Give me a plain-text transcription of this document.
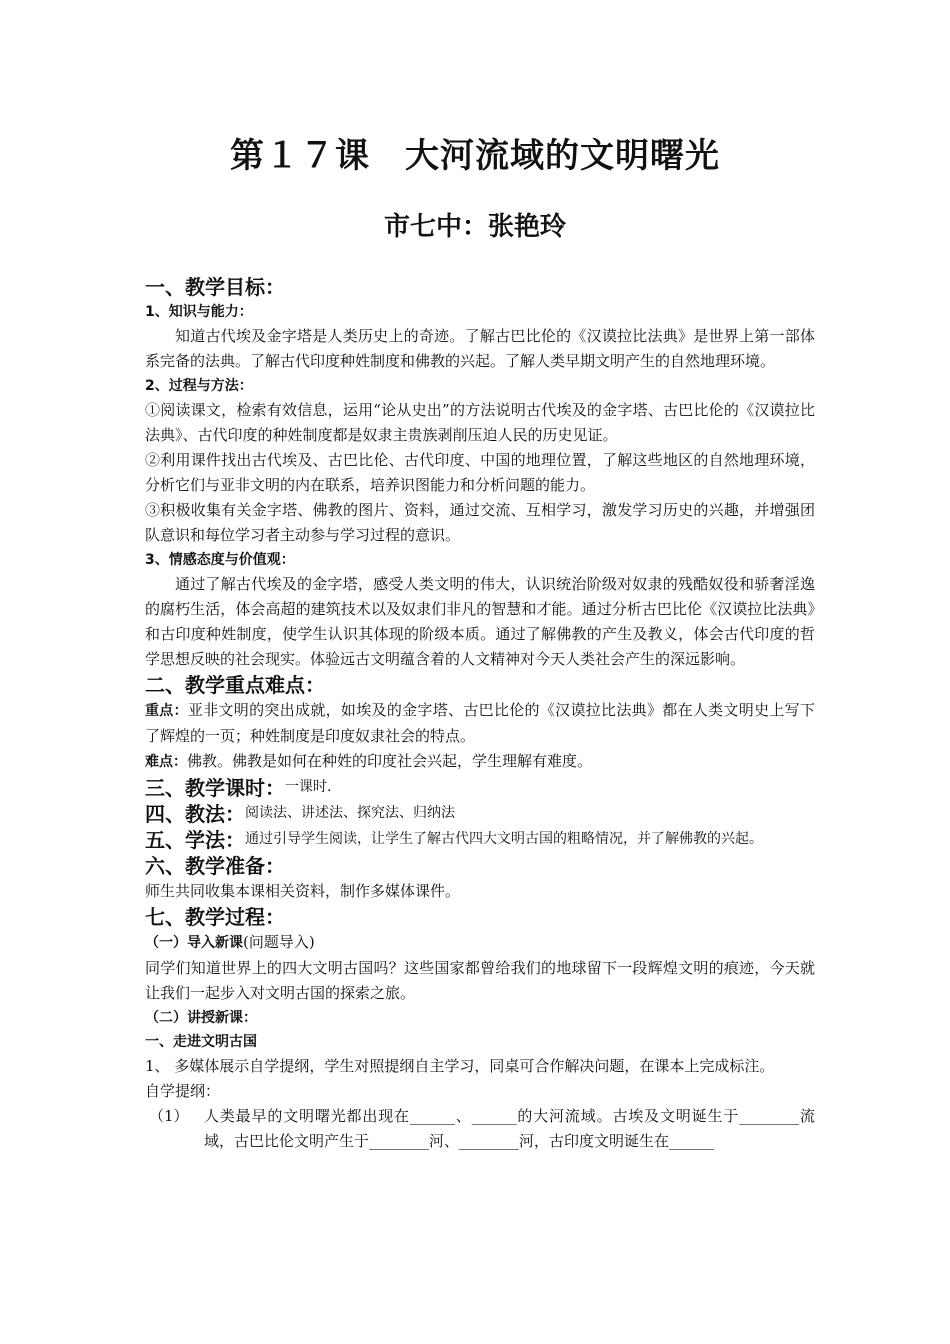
第１７课　大河流域的文明曙光
市七中：张艳玲
一、教学目标：
1、知识与能力：

知道古代埃及金字塔是人类历史上的奇迹。了解古巴比伦的《汉谟拉比法典》是世界上第一部体系完备的法典。了解古代印度种姓制度和佛教的兴起。了解人类早期文明产生的自然地理环境。

2、过程与方法：

①阅读课文，检索有效信息，运用“论从史出”的方法说明古代埃及的金字塔、古巴比伦的《汉谟拉比法典》、古代印度的种姓制度都是奴隶主贵族剥削压迫人民的历史见证。

②利用课件找出古代埃及、古巴比伦、古代印度、中国的地理位置，了解这些地区的自然地理环境，分析它们与亚非文明的内在联系，培养识图能力和分析问题的能力。

③积极收集有关金字塔、佛教的图片、资料，通过交流、互相学习，激发学习历史的兴趣，并增强团队意识和每位学习者主动参与学习过程的意识。

3、情感态度与价值观：

通过了解古代埃及的金字塔，感受人类文明的伟大，认识统治阶级对奴隶的残酷奴役和骄奢淫逸的腐朽生活，体会高超的建筑技术以及奴隶们非凡的智慧和才能。通过分析古巴比伦《汉谟拉比法典》和古印度种姓制度，使学生认识其体现的阶级本质。通过了解佛教的产生及教义，体会古代印度的哲学思想反映的社会现实。体验远古文明蕴含着的人文精神对今天人类社会产生的深远影响。

二、教学重点难点：

重点：亚非文明的突出成就，如埃及的金字塔、古巴比伦的《汉谟拉比法典》都在人类文明史上写下了辉煌的一页；种姓制度是印度奴隶社会的特点。

难点：佛教。佛教是如何在种姓的印度社会兴起，学生理解有难度。

三、教学课时： 一课时.
四、教法： 阅读法、讲述法、探究法、归纳法
五、学法： 通过引导学生阅读，让学生了解古代四大文明古国的粗略情况，并了解佛教的兴起。
六、教学准备：

师生共同收集本课相关资料，制作多媒体课件。

七、教学过程：

（一）导入新课(问题导入)

同学们知道世界上的四大文明古国吗？这些国家都曾给我们的地球留下一段辉煌文明的痕迹，今天就让我们一起步入对文明古国的探索之旅。

（二）讲授新课：
一、走进文明古国

1、 多媒体展示自学提纲，学生对照提纲自主学习，同桌可合作解决问题，在课本上完成标注。

自学提纲：

（1）	人类最早的文明曙光都出现在______、______的大河流域。古埃及文明诞生于________流域，古巴比伦文明产生于________河、________河，古印度文明诞生在______
